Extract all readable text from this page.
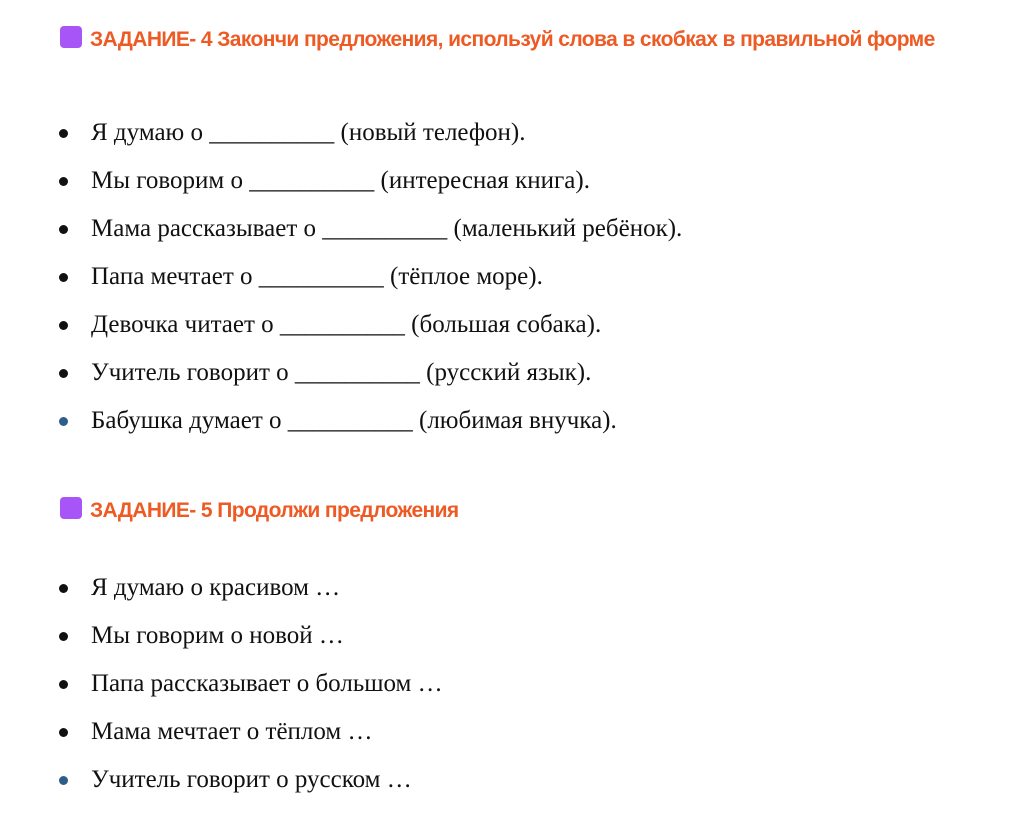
ЗАДАНИЕ- 4 Закончи предложения, используй слова в скобках в правильной форме
Я думаю о __________ (новый телефон).
Мы говорим о __________ (интересная книга).
Мама рассказывает о __________ (маленький ребёнок).
Папа мечтает о __________ (тёплое море).
Девочка читает о __________ (большая собака).
Учитель говорит о __________ (русский язык).
Бабушка думает о __________ (любимая внучка).
ЗАДАНИЕ- 5 Продолжи предложения
Я думаю о красивом …
Мы говорим о новой …
Папа рассказывает о большом …
Мама мечтает о тёплом …
Учитель говорит о русском …
